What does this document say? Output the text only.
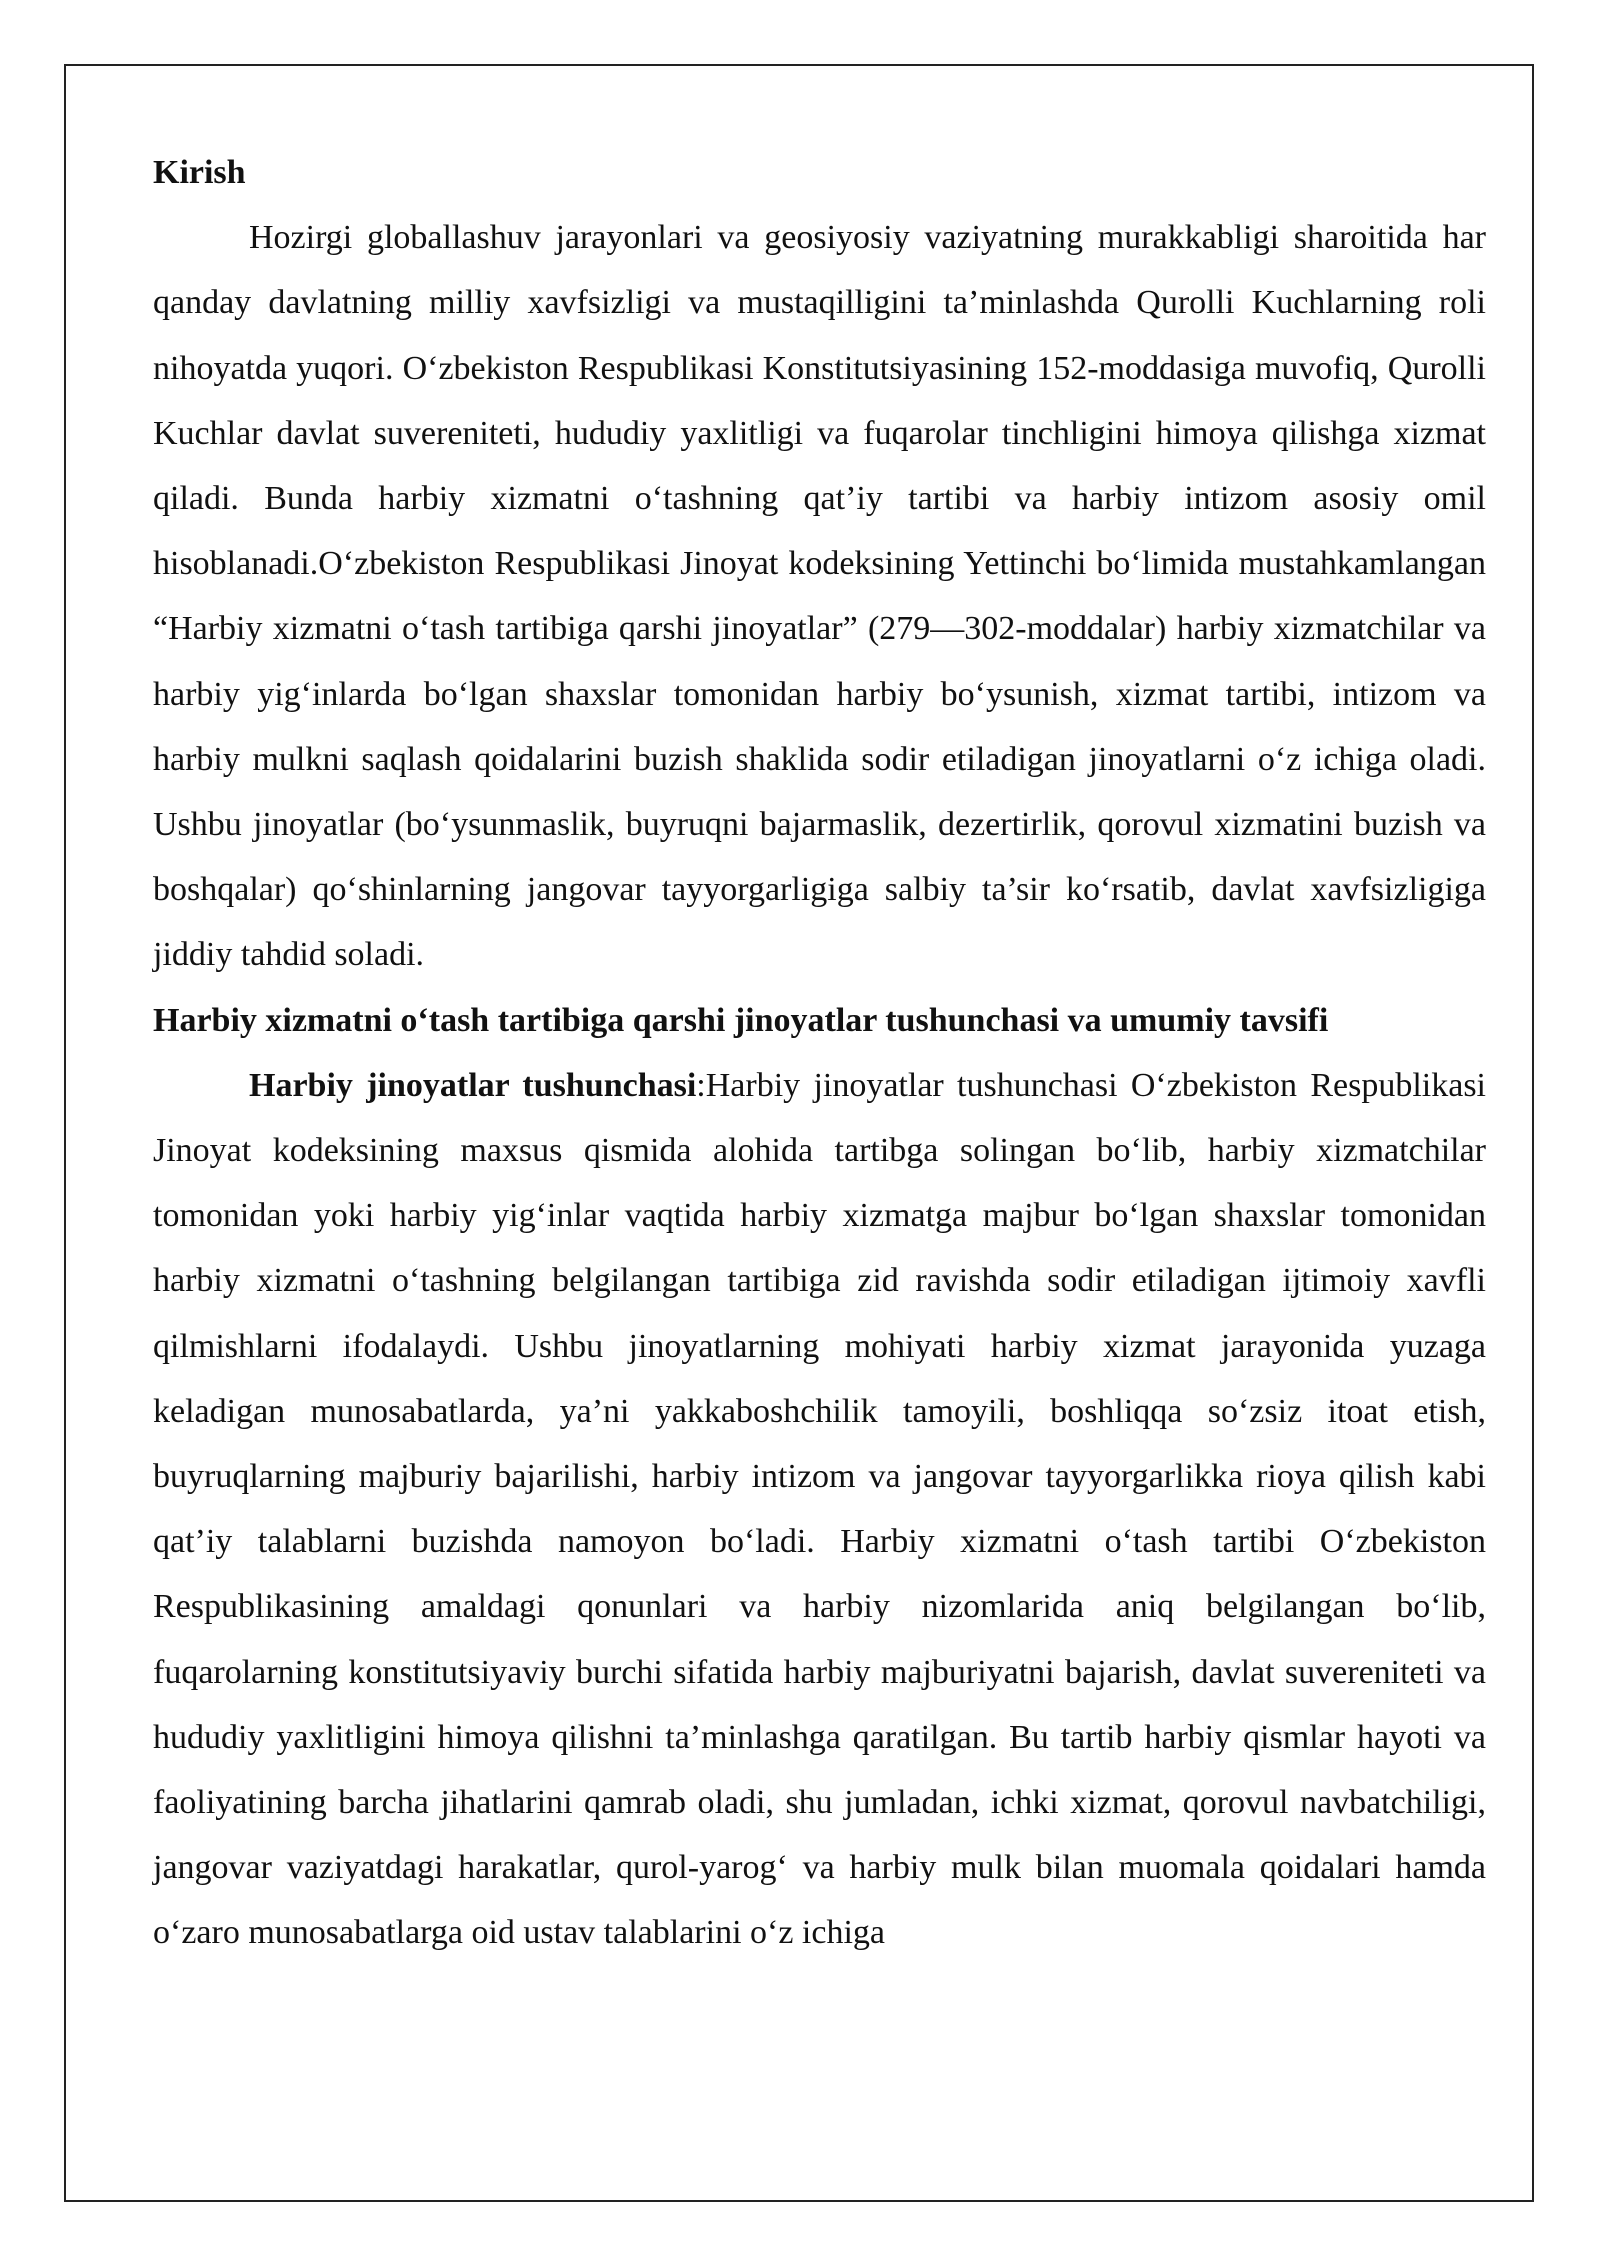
Kirish

Hozirgi globallashuv jarayonlari va geosiyosiy vaziyatning murakkabligi sharoitida har qanday davlatning milliy xavfsizligi va mustaqilligini ta’minlashda Qurolli Kuchlarning roli nihoyatda yuqori. O‘zbekiston Respublikasi Konstitutsiyasining 152-moddasiga muvofiq, Qurolli Kuchlar davlat suvereniteti, hududiy yaxlitligi va fuqarolar tinchligini himoya qilishga xizmat qiladi. Bunda harbiy xizmatni o‘tashning qat’iy tartibi va harbiy intizom asosiy omil hisoblanadi.O‘zbekiston Respublikasi Jinoyat kodeksining Yettinchi bo‘limida mustahkamlangan “Harbiy xizmatni o‘tash tartibiga qarshi jinoyatlar” (279—302-moddalar) harbiy xizmatchilar va harbiy yig‘inlarda bo‘lgan shaxslar tomonidan harbiy bo‘ysunish, xizmat tartibi, intizom va harbiy mulkni saqlash qoidalarini buzish shaklida sodir etiladigan jinoyatlarni o‘z ichiga oladi. Ushbu jinoyatlar (bo‘ysunmaslik, buyruqni bajarmaslik, dezertirlik, qorovul xizmatini buzish va boshqalar) qo‘shinlarning jangovar tayyorgarligiga salbiy ta’sir ko‘rsatib, davlat xavfsizligiga jiddiy tahdid soladi.

Harbiy xizmatni o‘tash tartibiga qarshi jinoyatlar tushunchasi va umumiy tavsifi

Harbiy jinoyatlar tushunchasi:Harbiy jinoyatlar tushunchasi O‘zbekiston Respublikasi Jinoyat kodeksining maxsus qismida alohida tartibga solingan bo‘lib, harbiy xizmatchilar tomonidan yoki harbiy yig‘inlar vaqtida harbiy xizmatga majbur bo‘lgan shaxslar tomonidan harbiy xizmatni o‘tashning belgilangan tartibiga zid ravishda sodir etiladigan ijtimoiy xavfli qilmishlarni ifodalaydi. Ushbu jinoyatlarning mohiyati harbiy xizmat jarayonida yuzaga keladigan munosabatlarda, ya’ni yakkaboshchilik tamoyili, boshliqqa so‘zsiz itoat etish, buyruqlarning majburiy bajarilishi, harbiy intizom va jangovar tayyorgarlikka rioya qilish kabi qat’iy talablarni buzishda namoyon bo‘ladi. Harbiy xizmatni o‘tash tartibi O‘zbekiston Respublikasining amaldagi qonunlari va harbiy nizomlarida aniq belgilangan bo‘lib, fuqarolarning konstitutsiyaviy burchi sifatida harbiy majburiyatni bajarish, davlat suvereniteti va hududiy yaxlitligini himoya qilishni ta’minlashga qaratilgan. Bu tartib harbiy qismlar hayoti va faoliyatining barcha jihatlarini qamrab oladi, shu jumladan, ichki xizmat, qorovul navbatchiligi, jangovar vaziyatdagi harakatlar, qurol-yarog‘ va harbiy mulk bilan muomala qoidalari hamda o‘zaro munosabatlarga oid ustav talablarini o‘z ichiga
